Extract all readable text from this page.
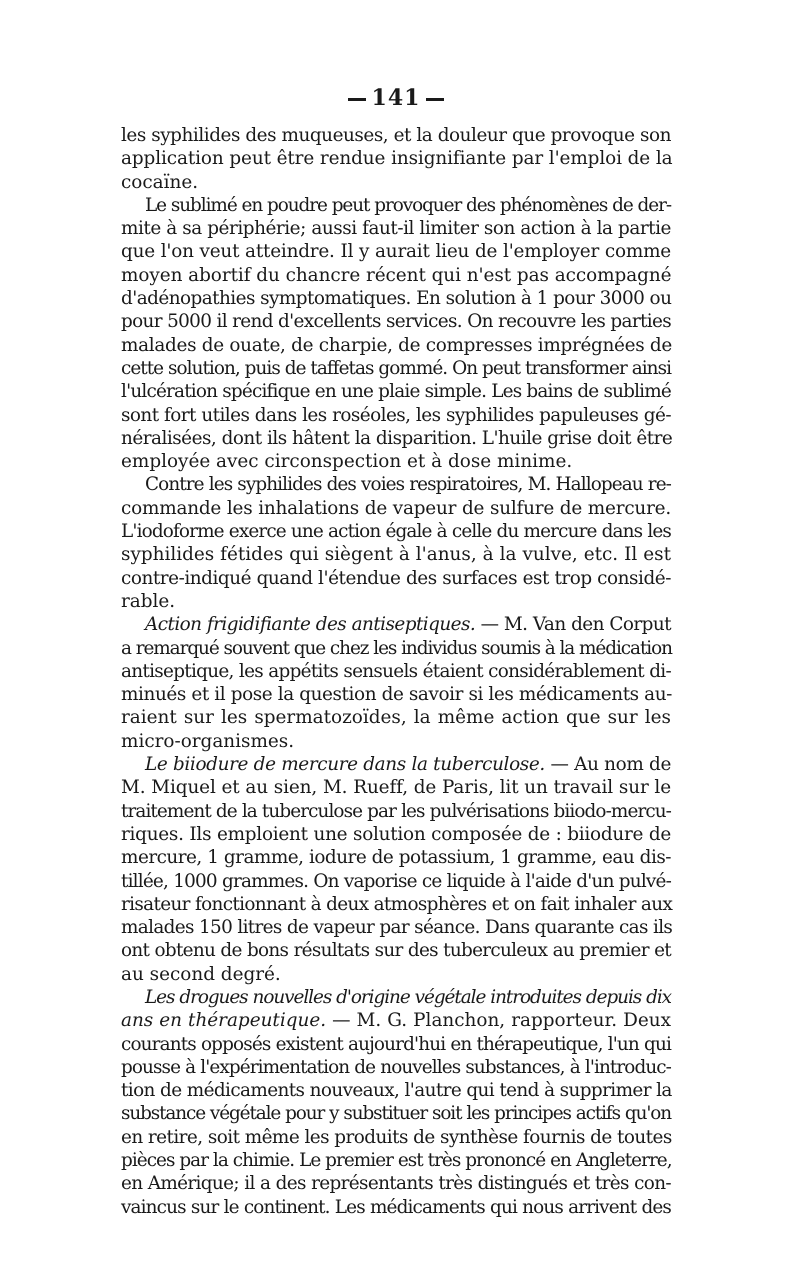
141

les syphilides des muqueuses, et la douleur que provoque son
application peut être rendue insignifiante par l'emploi de la
cocaïne.

Le sublimé en poudre peut provoquer des phénomènes de der-
mite à sa périphérie; aussi faut-il limiter son action à la partie
que l'on veut atteindre. Il y aurait lieu de l'employer comme
moyen abortif du chancre récent qui n'est pas accompagné
d'adénopathies symptomatiques. En solution à 1 pour 3000 ou
pour 5000 il rend d'excellents services. On recouvre les parties
malades de ouate, de charpie, de compresses imprégnées de
cette solution, puis de taffetas gommé. On peut transformer ainsi
l'ulcération spécifique en une plaie simple. Les bains de sublimé
sont fort utiles dans les roséoles, les syphilides papuleuses gé-
néralisées, dont ils hâtent la disparition. L'huile grise doit être
employée avec circonspection et à dose minime.

Contre les syphilides des voies respiratoires, M. Hallopeau re-
commande les inhalations de vapeur de sulfure de mercure.
L'iodoforme exerce une action égale à celle du mercure dans les
syphilides fétides qui siègent à l'anus, à la vulve, etc. Il est
contre-indiqué quand l'étendue des surfaces est trop considé-
rable.

Action frigidifiante des antiseptiques. — M. Van den Corput
a remarqué souvent que chez les individus soumis à la médication
antiseptique, les appétits sensuels étaient considérablement di-
minués et il pose la question de savoir si les médicaments au-
raient sur les spermatozoïdes, la même action que sur les
micro-organismes.

Le biiodure de mercure dans la tuberculose. — Au nom de
M. Miquel et au sien, M. Rueff, de Paris, lit un travail sur le
traitement de la tuberculose par les pulvérisations biiodo-mercu-
riques. Ils emploient une solution composée de : biiodure de
mercure, 1 gramme, iodure de potassium, 1 gramme, eau dis-
tillée, 1000 grammes. On vaporise ce liquide à l'aide d'un pulvé-
risateur fonctionnant à deux atmosphères et on fait inhaler aux
malades 150 litres de vapeur par séance. Dans quarante cas ils
ont obtenu de bons résultats sur des tuberculeux au premier et
au second degré.

Les drogues nouvelles d'origine végétale introduites depuis dix
ans en thérapeutique. — M. G. Planchon, rapporteur. Deux
courants opposés existent aujourd'hui en thérapeutique, l'un qui
pousse à l'expérimentation de nouvelles substances, à l'introduc-
tion de médicaments nouveaux, l'autre qui tend à supprimer la
substance végétale pour y substituer soit les principes actifs qu'on
en retire, soit même les produits de synthèse fournis de toutes
pièces par la chimie. Le premier est très prononcé en Angleterre,
en Amérique; il a des représentants très distingués et très con-
vaincus sur le continent. Les médicaments qui nous arrivent des
